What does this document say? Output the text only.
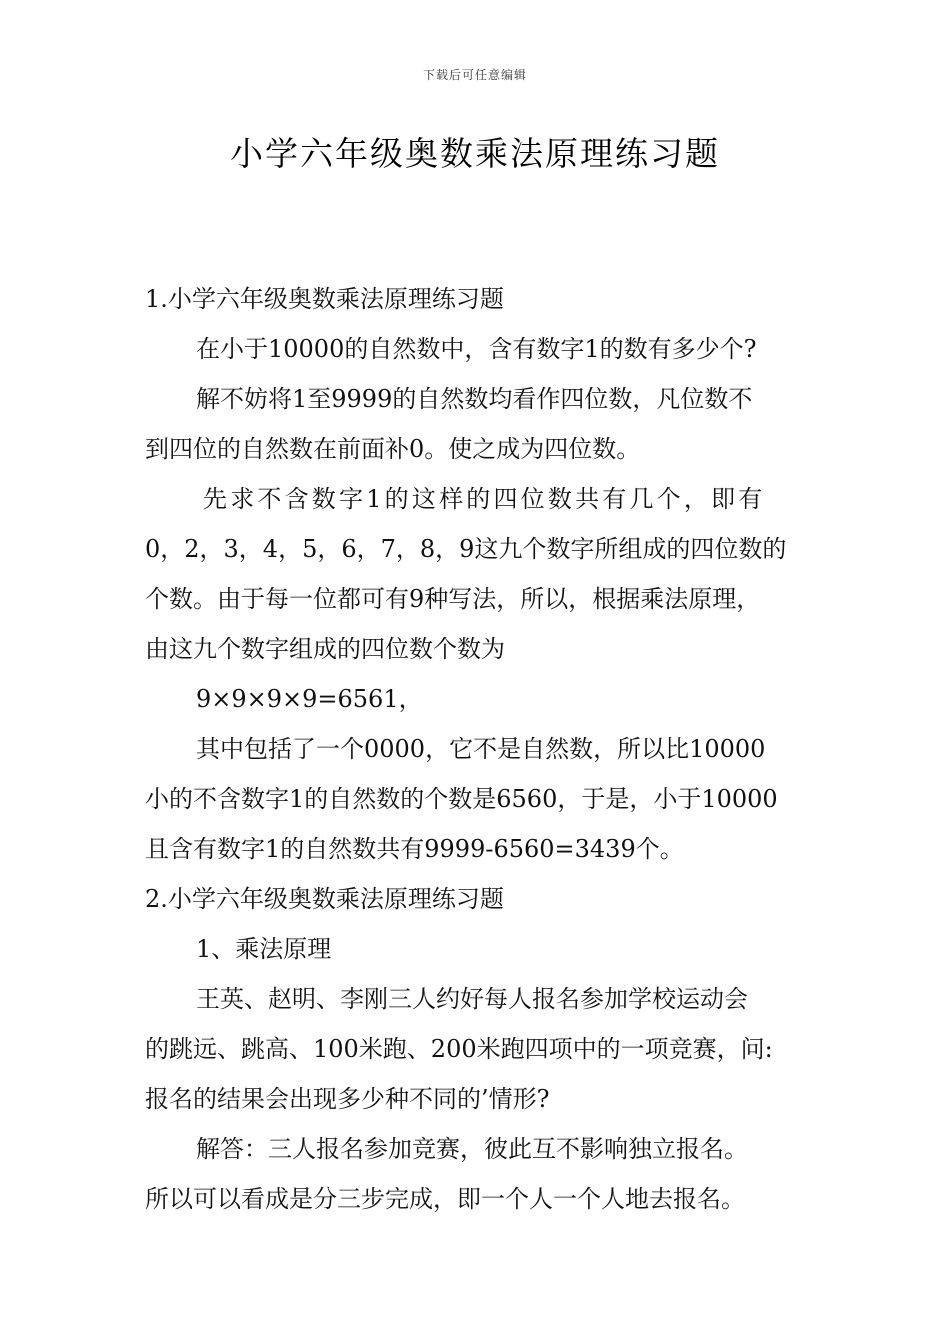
下载后可任意编辑
小学六年级奥数乘法原理练习题
1.小学六年级奥数乘法原理练习题
在小于10000的自然数中，含有数字1的数有多少个?
解不妨将1至9999的自然数均看作四位数，凡位数不
到四位的自然数在前面补0。使之成为四位数。
先求不含数字1的这样的四位数共有几个，即有
0，2，3，4，5，6，7，8，9这九个数字所组成的四位数的
个数。由于每一位都可有9种写法，所以，根据乘法原理，
由这九个数字组成的四位数个数为
9×9×9×9=6561，
其中包括了一个0000，它不是自然数，所以比10000
小的不含数字1的自然数的个数是6560，于是，小于10000
且含有数字1的自然数共有9999-6560=3439个。
2.小学六年级奥数乘法原理练习题
1、乘法原理
王英、赵明、李刚三人约好每人报名参加学校运动会
的跳远、跳高、100米跑、200米跑四项中的一项竞赛，问:
报名的结果会出现多少种不同的’情形?
解答：三人报名参加竞赛，彼此互不影响独立报名。
所以可以看成是分三步完成，即一个人一个人地去报名。
